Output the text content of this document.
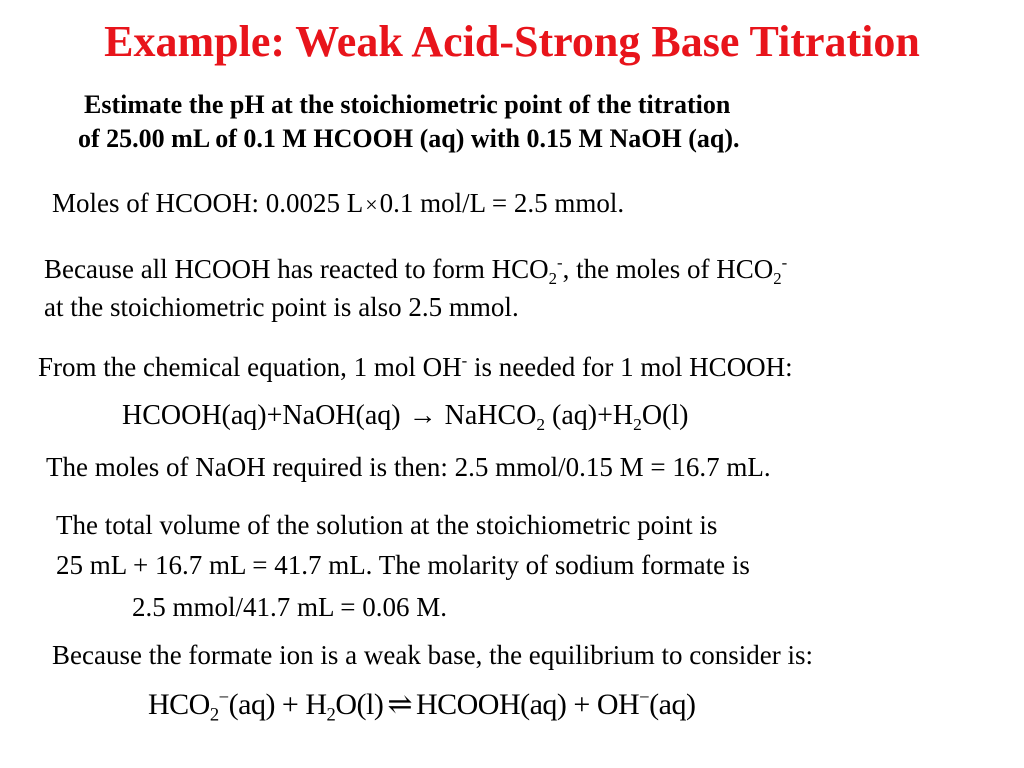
Example: Weak Acid-Strong Base Titration
Estimate the pH at the stoichiometric point of the titration
of 25.00 mL of 0.1 M HCOOH (aq) with 0.15 M NaOH (aq).
Moles of HCOOH: 0.0025 L×0.1 mol/L = 2.5 mmol.
Because all HCOOH has reacted to form $HCO_2^-$, the moles of $HCO_2^-$
at the stoichiometric point is also 2.5 mmol.
From the chemical equation, 1 mol OH- is needed for 1 mol HCOOH:
HCOOH(aq)+NaOH(aq) → NaHCO$_2$ $(aq)+H_2O(l)$
The moles of NaOH required is then: 2.5 mmol/0.15 M = 16.7 mL.
The total volume of the solution at the stoichiometric point is
25 mL + 16.7 mL = 41.7 mL. The molarity of sodium formate is
2.5 mmol/41.7 mL = 0.06 M.
Because the formate ion is a weak base, the equilibrium to consider is:
$HCO_2^-(aq) + H_2O(l)$ ⇌ HCOOH(aq) + OH−(aq)
